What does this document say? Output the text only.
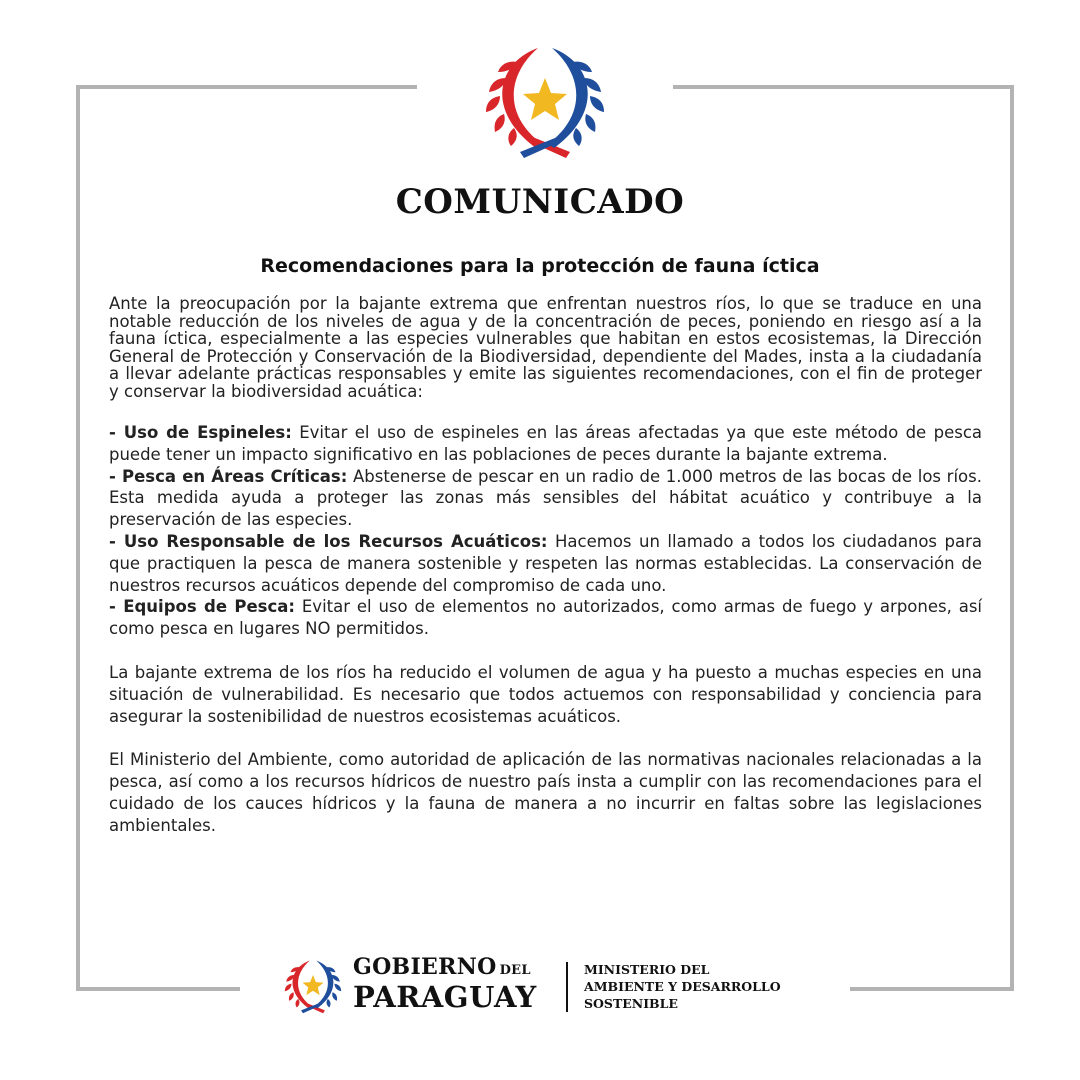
COMUNICADO
Recomendaciones para la protección de fauna íctica

Ante la preocupación por la bajante extrema que enfrentan nuestros ríos, lo que se traduce en una notable reducción de los niveles de agua y de la concentración de peces, poniendo en riesgo así a la fauna íctica, especialmente a las especies vulnerables que habitan en estos ecosistemas, la Dirección General de Protección y Conservación de la Biodiversidad, dependiente del Mades, insta a la ciudadanía a llevar adelante prácticas responsables y emite las siguientes recomendaciones, con el fin de proteger y conservar la biodiversidad acuática:

- Uso de Espineles: Evitar el uso de espineles en las áreas afectadas ya que este método de pesca puede tener un impacto significativo en las poblaciones de peces durante la bajante extrema.

- Pesca en Áreas Críticas: Abstenerse de pescar en un radio de 1.000 metros de las bocas de los ríos. Esta medida ayuda a proteger las zonas más sensibles del hábitat acuático y contribuye a la preservación de las especies.

- Uso Responsable de los Recursos Acuáticos: Hacemos un llamado a todos los ciudadanos para que practiquen la pesca de manera sostenible y respeten las normas establecidas. La conservación de nuestros recursos acuáticos depende del compromiso de cada uno.

- Equipos de Pesca: Evitar el uso de elementos no autorizados, como armas de fuego y arpones, así como pesca en lugares NO permitidos.

La bajante extrema de los ríos ha reducido el volumen de agua y ha puesto a muchas especies en una situación de vulnerabilidad. Es necesario que todos actuemos con responsabilidad y conciencia para asegurar la sostenibilidad de nuestros ecosistemas acuáticos.

El Ministerio del Ambiente, como autoridad de aplicación de las normativas nacionales relacionadas a la pesca, así como a los recursos hídricos de nuestro país insta a cumplir con las recomendaciones para el cuidado de los cauces hídricos y la fauna de manera a no incurrir en faltas sobre las legislaciones ambientales.

GOBIERNO DEL
PARAGUAY
MINISTERIO DEL
AMBIENTE Y DESARROLLO
SOSTENIBLE
